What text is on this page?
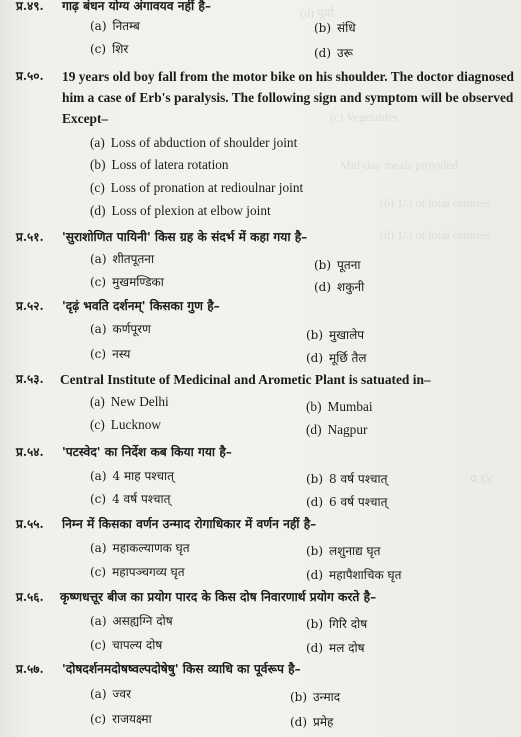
(d) पूर्वा
(c) Vegetables
Mid-day meals provided
(b) 1/3 of total calories
(d) 1/3 of total calories
प्र.६४
प्र.४९. गाढ़ बंधन योग्य अंगावयव नहीं है–
(a) नितम्ब	(b) संधि
(c) शिर	(d) उरू
प्र.५०. 19 years old boy fall from the motor bike on his shoulder. The doctor diagnosed him a case of Erb's paralysis. The following sign and symptom will be observed Except–
(a) Loss of abduction of shoulder joint
(b) Loss of latera rotation
(c) Loss of pronation at redioulnar joint
(d) Loss of plexion at elbow joint
प्र.५१. 'सुराशोणित पायिनी' किस ग्रह के संदर्भ में कहा गया है–
(a) शीतपूतना	(b) पूतना
(c) मुखमण्डिका	(d) शकुनी
प्र.५२. 'दृढ़ं भवति दर्शनम्' किसका गुण है–
(a) कर्णपूरण	(b) मुखालेप
(c) नस्य	(d) मूर्छि तैल
प्र.५३. Central Institute of Medicinal and Arometic Plant is satuated in–
(a) New Delhi	(b) Mumbai
(c) Lucknow	(d) Nagpur
प्र.५४. 'पटस्वेद' का निर्देश कब किया गया है–
(a) 4 माह पश्चात्	(b) 8 वर्ष पश्चात्
(c) 4 वर्ष पश्चात्	(d) 6 वर्ष पश्चात्
प्र.५५. निम्न में किसका वर्णन उन्माद रोगाधिकार में वर्णन नहीं है–
(a) महाकल्याणक घृत	(b) लशुनाद्य घृत
(c) महापञ्चगव्य घृत	(d) महापैशाचिक घृत
प्र.५६. कृष्णधत्तूर बीज का प्रयोग पारद के किस दोष निवारणार्थ प्रयोग करते है–
(a) असह्यग्नि दोष	(b) गिरि दोष
(c) चापल्य दोष	(d) मल दोष
प्र.५७. 'दोषदर्शनमदोषष्वल्पदोषेषु' किस व्याधि का पूर्वरूप है–
(a) ज्वर	(b) उन्माद
(c) राजयक्ष्मा	(d) प्रमेह
